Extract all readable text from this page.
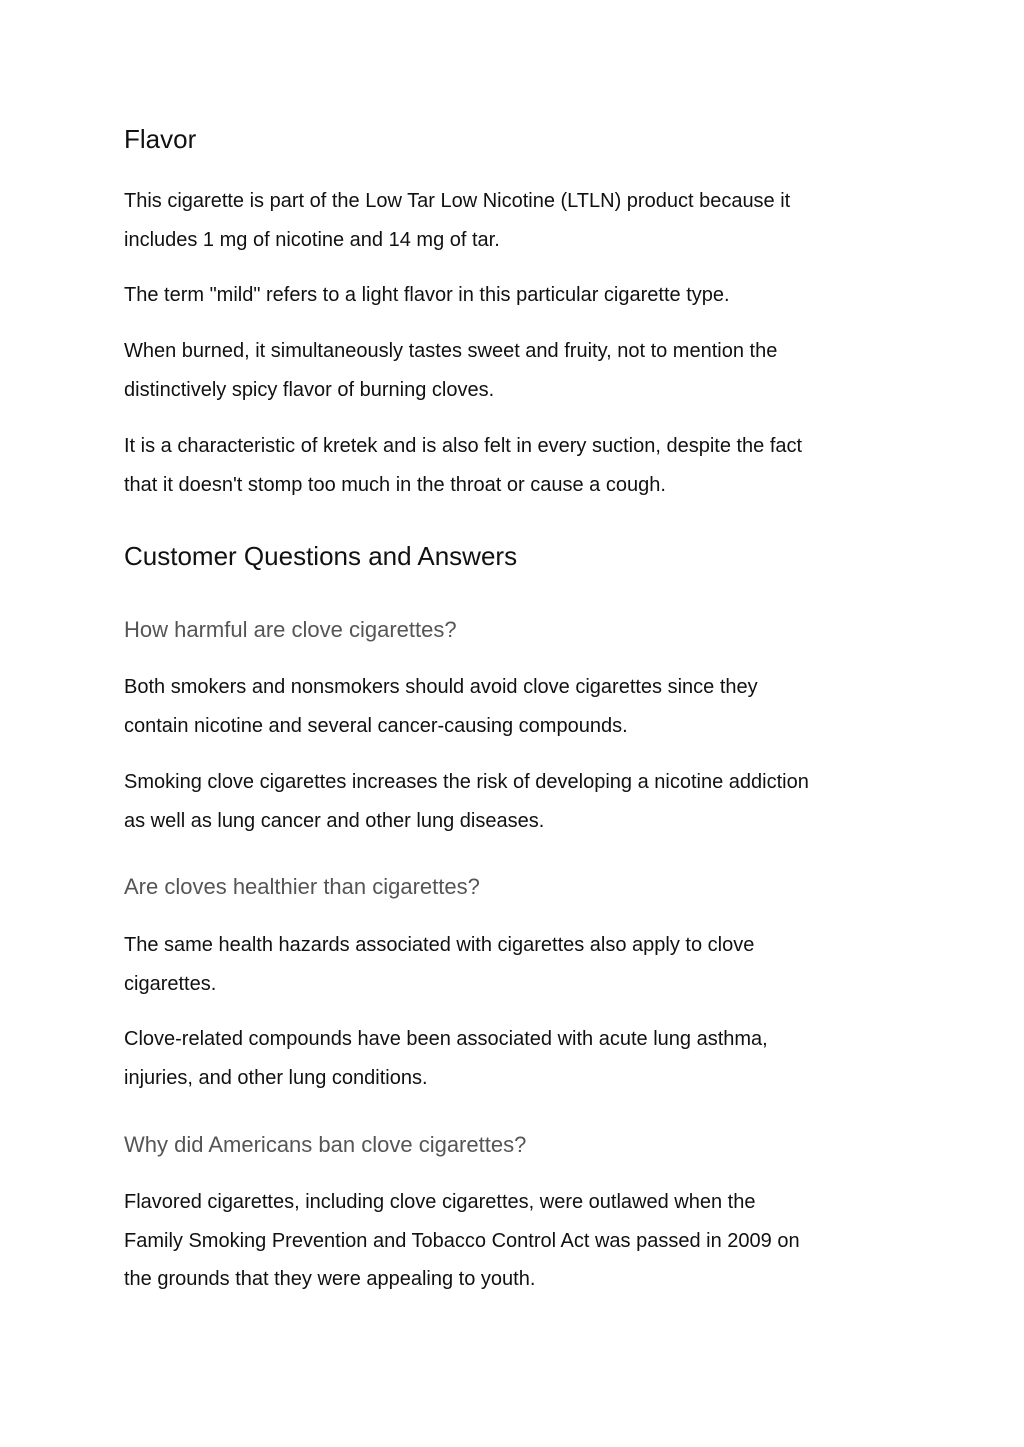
Flavor

This cigarette is part of the Low Tar Low Nicotine (LTLN) product because it
includes 1 mg of nicotine and 14 mg of tar.

The term "mild" refers to a light flavor in this particular cigarette type.

When burned, it simultaneously tastes sweet and fruity, not to mention the
distinctively spicy flavor of burning cloves.

It is a characteristic of kretek and is also felt in every suction, despite the fact
that it doesn't stomp too much in the throat or cause a cough.

Customer Questions and Answers
How harmful are clove cigarettes?

Both smokers and nonsmokers should avoid clove cigarettes since they
contain nicotine and several cancer-causing compounds.

Smoking clove cigarettes increases the risk of developing a nicotine addiction
as well as lung cancer and other lung diseases.

Are cloves healthier than cigarettes?

The same health hazards associated with cigarettes also apply to clove
cigarettes.

Clove-related compounds have been associated with acute lung asthma,
injuries, and other lung conditions.

Why did Americans ban clove cigarettes?

Flavored cigarettes, including clove cigarettes, were outlawed when the
Family Smoking Prevention and Tobacco Control Act was passed in 2009 on
the grounds that they were appealing to youth.
